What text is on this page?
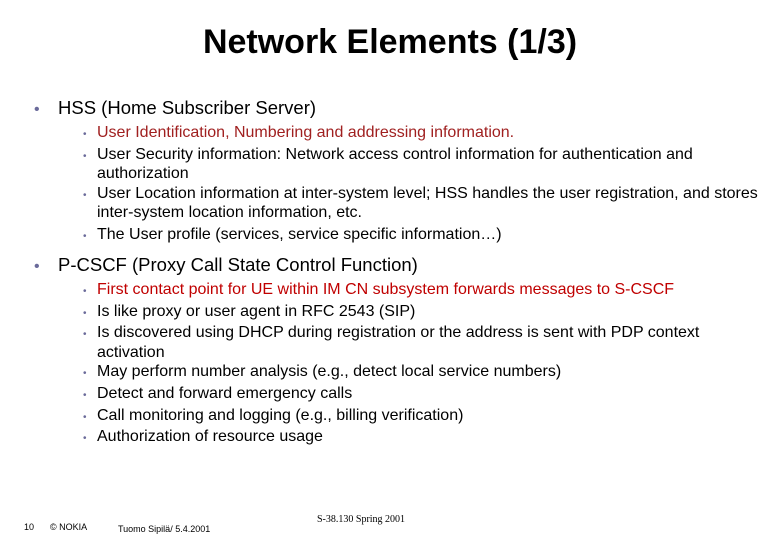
Network Elements (1/3)
• HSS (Home Subscriber Server)
• User Identification, Numbering and addressing information.
• User Security information: Network access control information for authentication and authorization
• User Location information at inter-system level; HSS handles the user registration, and stores inter-system location information, etc.
• The User profile (services, service specific information…)
• P-CSCF (Proxy Call State Control Function)
• First contact point for UE within IM CN subsystem forwards messages to S-CSCF
• Is like proxy or user agent in RFC 2543 (SIP)
• Is discovered using DHCP during registration or the address is sent with PDP context activation
• May perform number analysis (e.g., detect local service numbers)
• Detect and forward emergency calls
• Call monitoring and logging (e.g., billing verification)
• Authorization of resource usage
10 © NOKIA	Tuomo Sipilä/ 5.4.2001
S-38.130 Spring 2001
